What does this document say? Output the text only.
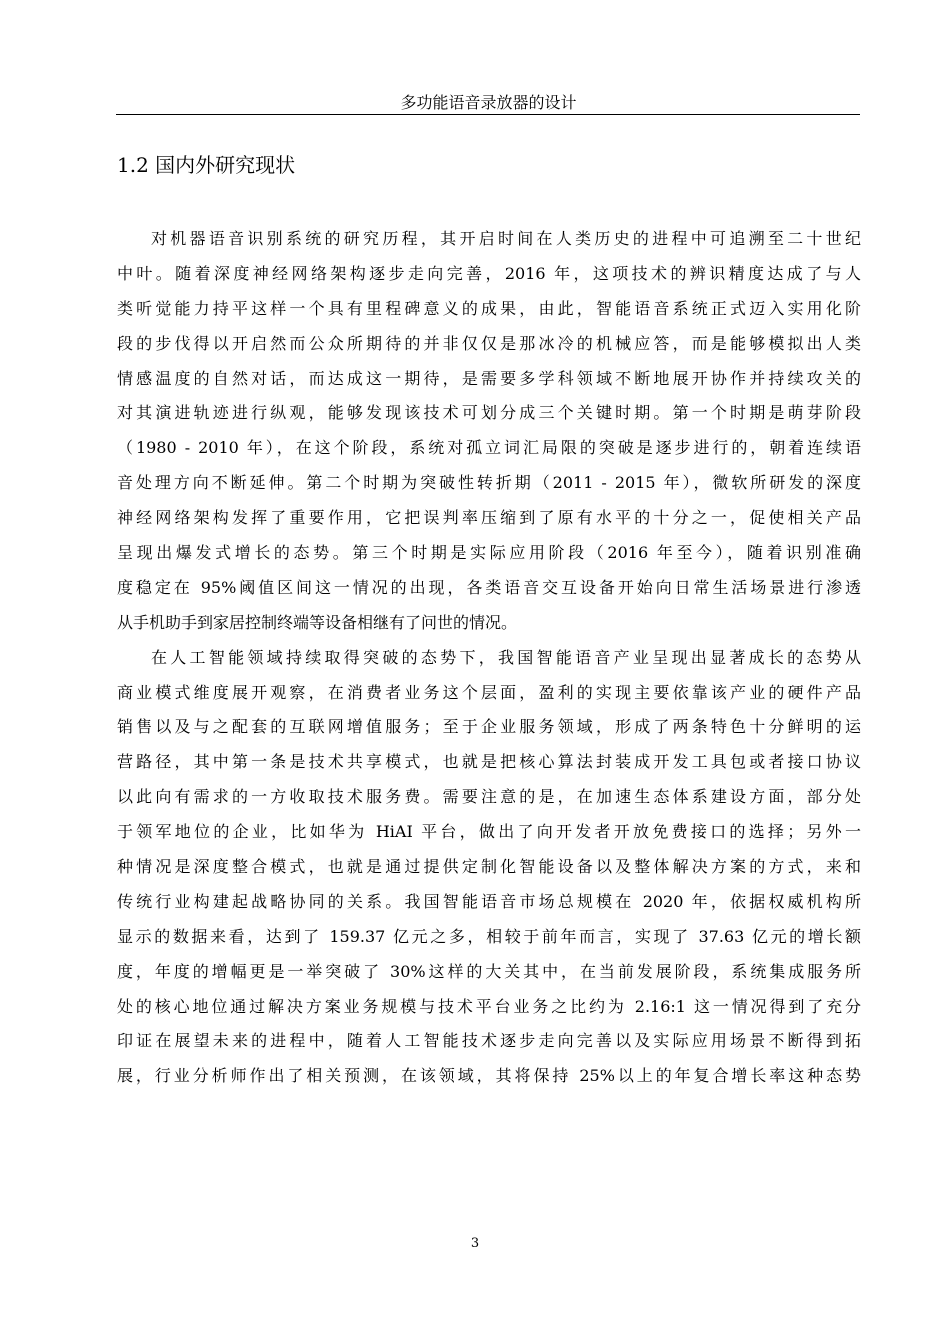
多功能语音录放器的设计
1.2 国内外研究现状
对机器语音识别系统的研究历程，其开启时间在人类历史的进程中可追溯至二十世纪
中叶。随着深度神经网络架构逐步走向完善，2016 年，这项技术的辨识精度达成了与人
类听觉能力持平这样一个具有里程碑意义的成果，由此，智能语音系统正式迈入实用化阶
段的步伐得以开启然而公众所期待的并非仅仅是那冰冷的机械应答，而是能够模拟出人类
情感温度的自然对话，而达成这一期待，是需要多学科领域不断地展开协作并持续攻关的
对其演进轨迹进行纵观，能够发现该技术可划分成三个关键时期。第一个时期是萌芽阶段
（1980 - 2010 年），在这个阶段，系统对孤立词汇局限的突破是逐步进行的，朝着连续语
音处理方向不断延伸。第二个时期为突破性转折期（2011 - 2015 年），微软所研发的深度
神经网络架构发挥了重要作用，它把误判率压缩到了原有水平的十分之一，促使相关产品
呈现出爆发式增长的态势。第三个时期是实际应用阶段（2016 年至今），随着识别准确
度稳定在 95%阈值区间这一情况的出现，各类语音交互设备开始向日常生活场景进行渗透
从手机助手到家居控制终端等设备相继有了问世的情况。
在人工智能领域持续取得突破的态势下，我国智能语音产业呈现出显著成长的态势从
商业模式维度展开观察，在消费者业务这个层面，盈利的实现主要依靠该产业的硬件产品
销售以及与之配套的互联网增值服务；至于企业服务领域，形成了两条特色十分鲜明的运
营路径，其中第一条是技术共享模式，也就是把核心算法封装成开发工具包或者接口协议
以此向有需求的一方收取技术服务费。需要注意的是，在加速生态体系建设方面，部分处
于领军地位的企业，比如华为 HiAI 平台，做出了向开发者开放免费接口的选择；另外一
种情况是深度整合模式，也就是通过提供定制化智能设备以及整体解决方案的方式，来和
传统行业构建起战略协同的关系。我国智能语音市场总规模在 2020 年，依据权威机构所
显示的数据来看，达到了 159.37 亿元之多，相较于前年而言，实现了 37.63 亿元的增长额
度，年度的增幅更是一举突破了 30%这样的大关其中，在当前发展阶段，系统集成服务所
处的核心地位通过解决方案业务规模与技术平台业务之比约为 2.16:1 这一情况得到了充分
印证在展望未来的进程中，随着人工智能技术逐步走向完善以及实际应用场景不断得到拓
展，行业分析师作出了相关预测，在该领域，其将保持 25%以上的年复合增长率这种态势
3
